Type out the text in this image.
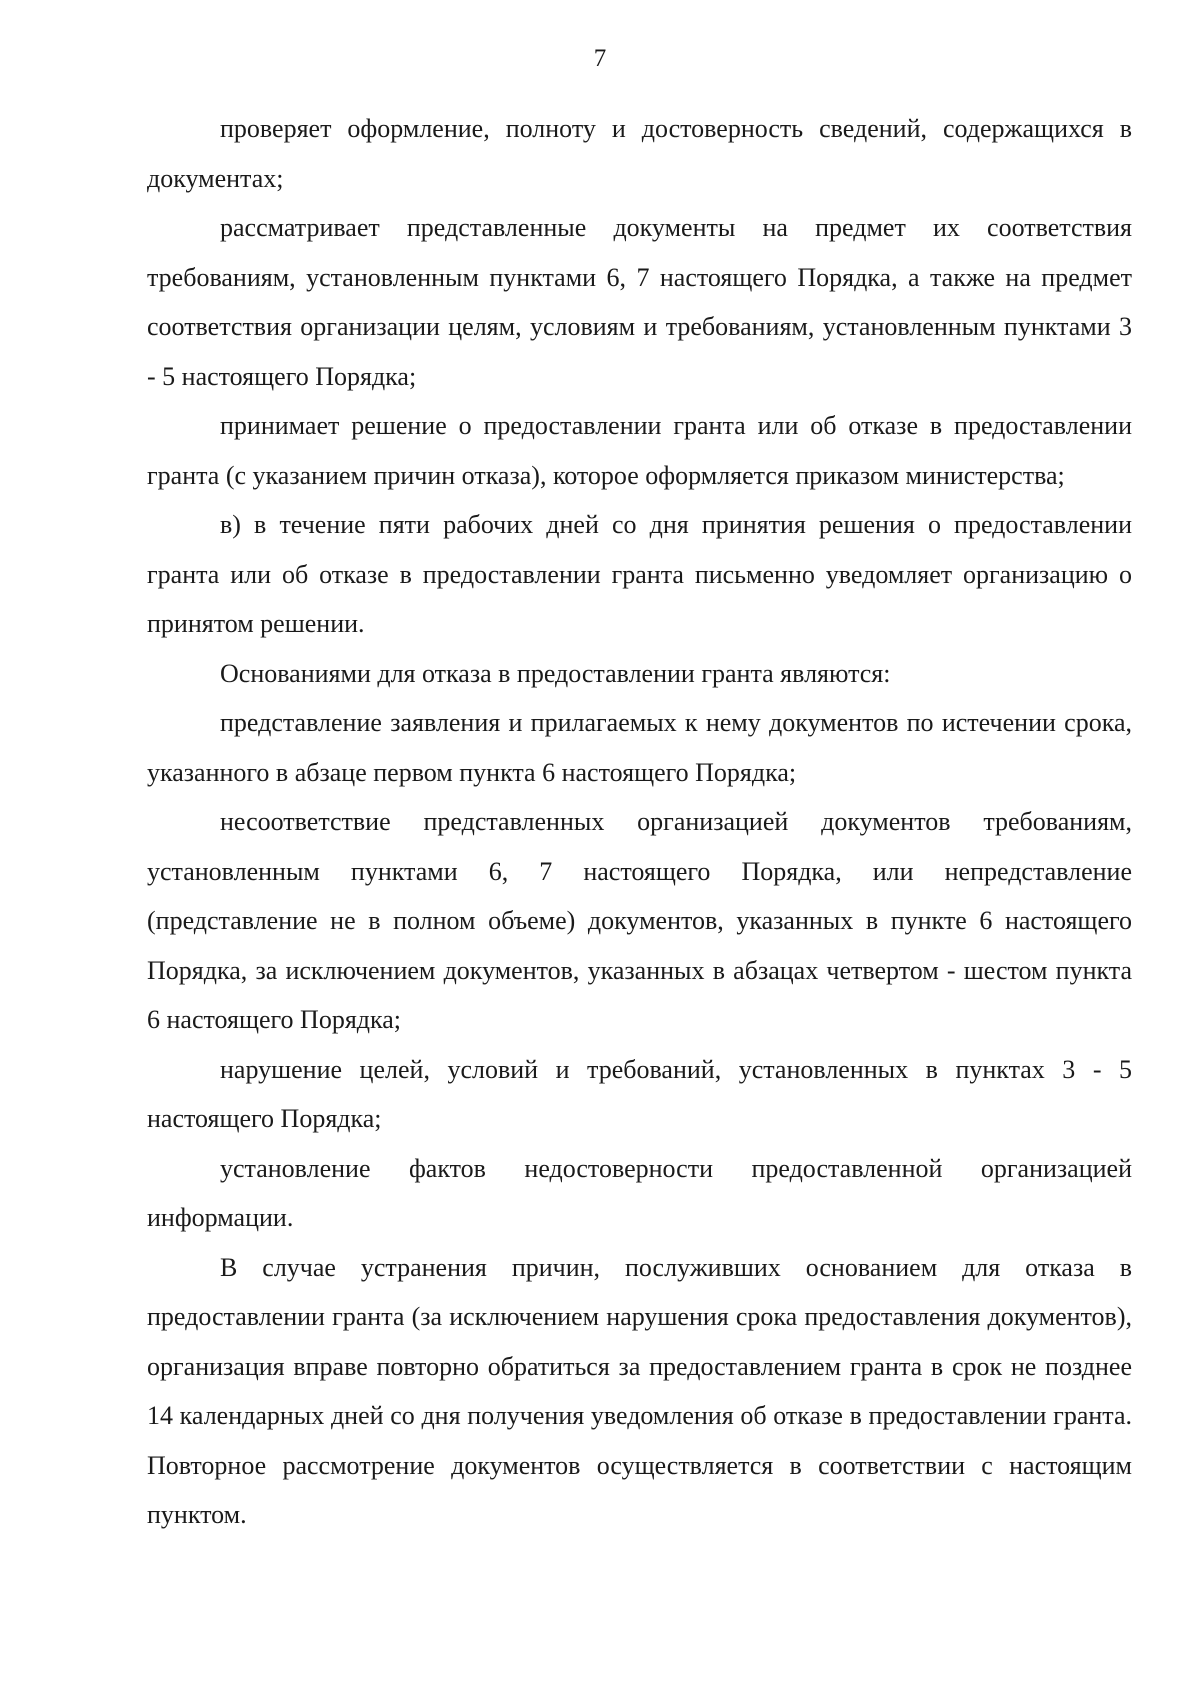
7

проверяет оформление, полноту и достоверность сведений, содержащихся в документах;

рассматривает представленные документы на предмет их соответствия требованиям, установленным пунктами 6, 7 настоящего Порядка, а также на предмет соответствия организации целям, условиям и требованиям, установленным пунктами 3 - 5 настоящего Порядка;

принимает решение о предоставлении гранта или об отказе в предоставлении гранта (с указанием причин отказа), которое оформляется приказом министерства;

в) в течение пяти рабочих дней со дня принятия решения о предоставлении гранта или об отказе в предоставлении гранта письменно уведомляет организацию о принятом решении.

Основаниями для отказа в предоставлении гранта являются:

представление заявления и прилагаемых к нему документов по истечении срока, указанного в абзаце первом пункта 6 настоящего Порядка;

несоответствие представленных организацией документов требованиям, установленным пунктами 6, 7 настоящего Порядка, или непредставление (представление не в полном объеме) документов, указанных в пункте 6 настоящего Порядка, за исключением документов, указанных в абзацах четвертом - шестом пункта 6 настоящего Порядка;

нарушение целей, условий и требований, установленных в пунктах 3 - 5 настоящего Порядка;

установление фактов недостоверности предоставленной организацией информации.

В случае устранения причин, послуживших основанием для отказа в предоставлении гранта (за исключением нарушения срока предоставления документов), организация вправе повторно обратиться за предоставлением гранта в срок не позднее 14 календарных дней со дня получения уведомления об отказе в предоставлении гранта. Повторное рассмотрение документов осуществляется в соответствии с настоящим пунктом.
